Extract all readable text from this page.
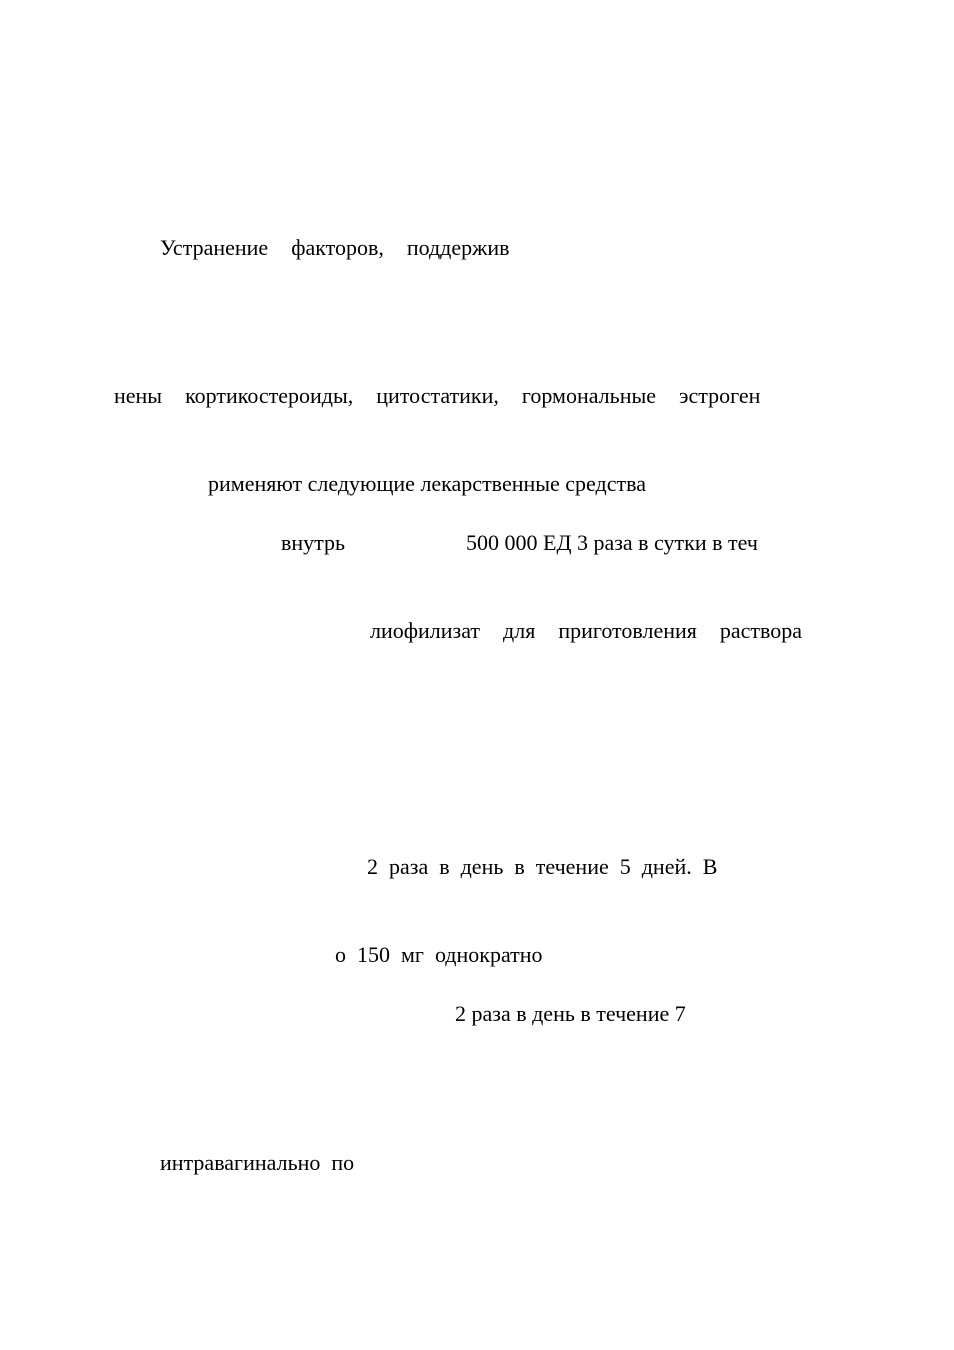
Устранение  факторов,  поддержив
нены  кортикостероиды,  цитостатики,  гормональные  эстроген
рименяют следующие лекарственные средства
внутрь	500 000 ЕД 3 раза в сутки в теч
лиофилизат  для  приготовления  раствора
2  раза  в  день  в  течение  5  дней.  В
о  150  мг  однократно
2 раза в день в течение 7
интравагинально  по
